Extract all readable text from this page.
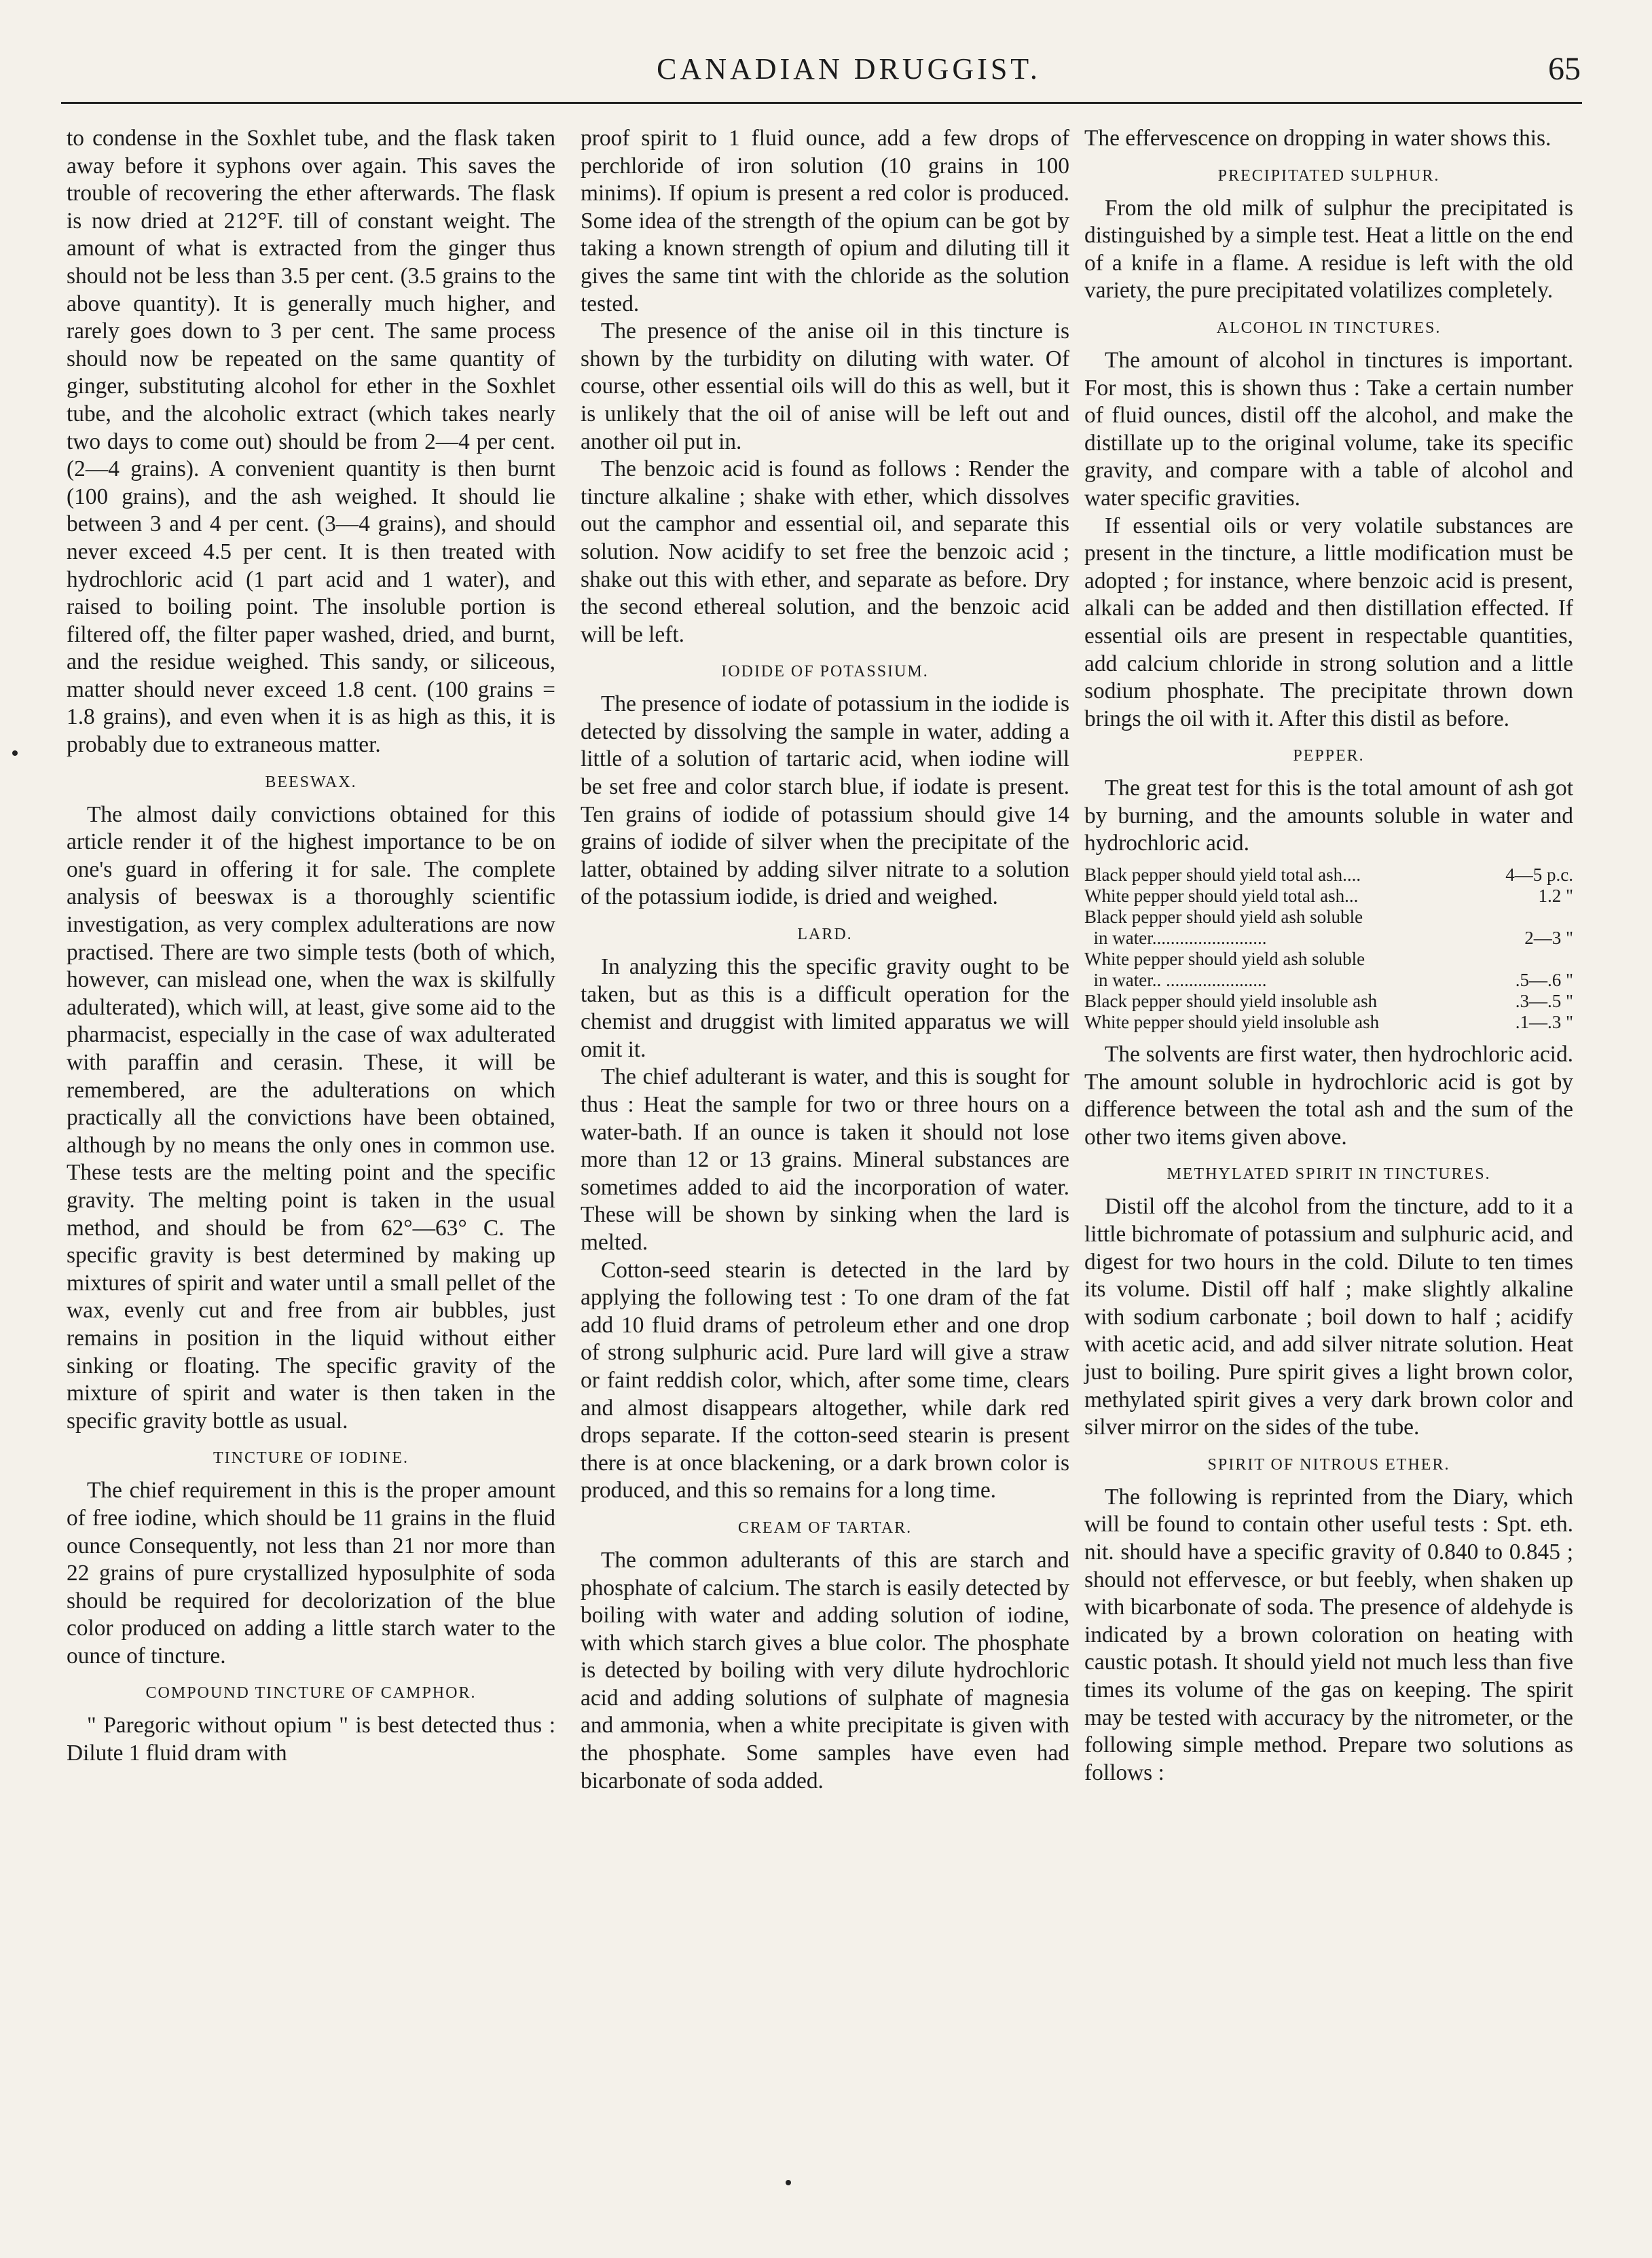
CANADIAN DRUGGIST.	65

to condense in the Soxhlet tube, and the flask taken away before it syphons over again. This saves the trouble of recovering the ether afterwards. The flask is now dried at 212°F. till of constant weight. The amount of what is extracted from the ginger thus should not be less than 3.5 per cent. (3.5 grains to the above quantity). It is generally much higher, and rarely goes down to 3 per cent. The same process should now be repeated on the same quantity of ginger, substituting alcohol for ether in the Soxhlet tube, and the alcoholic extract (which takes nearly two days to come out) should be from 2—4 per cent. (2—4 grains). A convenient quantity is then burnt (100 grains), and the ash weighed. It should lie between 3 and 4 per cent. (3—4 grains), and should never exceed 4.5 per cent. It is then treated with hydrochloric acid (1 part acid and 1 water), and raised to boiling point. The insoluble portion is filtered off, the filter paper washed, dried, and burnt, and the residue weighed. This sandy, or siliceous, matter should never exceed 1.8 cent. (100 grains = 1.8 grains), and even when it is as high as this, it is probably due to extraneous matter.

BEESWAX.

The almost daily convictions obtained for this article render it of the highest importance to be on one's guard in offering it for sale. The complete analysis of beeswax is a thoroughly scientific investigation, as very complex adulterations are now practised. There are two simple tests (both of which, however, can mislead one, when the wax is skilfully adulterated), which will, at least, give some aid to the pharmacist, especially in the case of wax adulterated with paraffin and cerasin. These, it will be remembered, are the adulterations on which practically all the convictions have been obtained, although by no means the only ones in common use. These tests are the melting point and the specific gravity. The melting point is taken in the usual method, and should be from 62°—63° C. The specific gravity is best determined by making up mixtures of spirit and water until a small pellet of the wax, evenly cut and free from air bubbles, just remains in position in the liquid without either sinking or floating. The specific gravity of the mixture of spirit and water is then taken in the specific gravity bottle as usual.

TINCTURE OF IODINE.

The chief requirement in this is the proper amount of free iodine, which should be 11 grains in the fluid ounce Consequently, not less than 21 nor more than 22 grains of pure crystallized hyposulphite of soda should be required for decolorization of the blue color produced on adding a little starch water to the ounce of tincture.

COMPOUND TINCTURE OF CAMPHOR.

" Paregoric without opium " is best detected thus : Dilute 1 fluid dram with

proof spirit to 1 fluid ounce, add a few drops of perchloride of iron solution (10 grains in 100 minims). If opium is present a red color is produced. Some idea of the strength of the opium can be got by taking a known strength of opium and diluting till it gives the same tint with the chloride as the solution tested.

The presence of the anise oil in this tincture is shown by the turbidity on diluting with water. Of course, other essential oils will do this as well, but it is unlikely that the oil of anise will be left out and another oil put in.

The benzoic acid is found as follows : Render the tincture alkaline ; shake with ether, which dissolves out the camphor and essential oil, and separate this solution. Now acidify to set free the benzoic acid ; shake out this with ether, and separate as before. Dry the second ethereal solution, and the benzoic acid will be left.

IODIDE OF POTASSIUM.

The presence of iodate of potassium in the iodide is detected by dissolving the sample in water, adding a little of a solution of tartaric acid, when iodine will be set free and color starch blue, if iodate is present. Ten grains of iodide of potassium should give 14 grains of iodide of silver when the precipitate of the latter, obtained by adding silver nitrate to a solution of the potassium iodide, is dried and weighed.

LARD.

In analyzing this the specific gravity ought to be taken, but as this is a difficult operation for the chemist and druggist with limited apparatus we will omit it.

The chief adulterant is water, and this is sought for thus : Heat the sample for two or three hours on a water-bath. If an ounce is taken it should not lose more than 12 or 13 grains. Mineral substances are sometimes added to aid the incorporation of water. These will be shown by sinking when the lard is melted.

Cotton-seed stearin is detected in the lard by applying the following test : To one dram of the fat add 10 fluid drams of petroleum ether and one drop of strong sulphuric acid. Pure lard will give a straw or faint reddish color, which, after some time, clears and almost disappears altogether, while dark red drops separate. If the cotton-seed stearin is present there is at once blackening, or a dark brown color is produced, and this so remains for a long time.

CREAM OF TARTAR.

The common adulterants of this are starch and phosphate of calcium. The starch is easily detected by boiling with water and adding solution of iodine, with which starch gives a blue color. The phosphate is detected by boiling with very dilute hydrochloric acid and adding solutions of sulphate of magnesia and ammonia, when a white precipitate is given with the phosphate. Some samples have even had bicarbonate of soda added.

The effervescence on dropping in water shows this.

PRECIPITATED SULPHUR.

From the old milk of sulphur the precipitated is distinguished by a simple test. Heat a little on the end of a knife in a flame. A residue is left with the old variety, the pure precipitated volatilizes completely.

ALCOHOL IN TINCTURES.

The amount of alcohol in tinctures is important. For most, this is shown thus : Take a certain number of fluid ounces, distil off the alcohol, and make the distillate up to the original volume, take its specific gravity, and compare with a table of alcohol and water specific gravities.

If essential oils or very volatile substances are present in the tincture, a little modification must be adopted ; for instance, where benzoic acid is present, alkali can be added and then distillation effected. If essential oils are present in respectable quantities, add calcium chloride in strong solution and a little sodium phosphate. The precipitate thrown down brings the oil with it. After this distil as before.

PEPPER.

The great test for this is the total amount of ash got by burning, and the amounts soluble in water and hydrochloric acid.

Black pepper should yield total ash....	4—5 p.c.

White pepper should yield total ash...	1.2 "

Black pepper should yield ash soluble

in water.........................	2—3 "

White pepper should yield ash soluble

in water.. ......................	.5—.6 "

Black pepper should yield insoluble ash	.3—.5 "

White pepper should yield insoluble ash	.1—.3 "

The solvents are first water, then hydrochloric acid. The amount soluble in hydrochloric acid is got by difference between the total ash and the sum of the other two items given above.

METHYLATED SPIRIT IN TINCTURES.

Distil off the alcohol from the tincture, add to it a little bichromate of potassium and sulphuric acid, and digest for two hours in the cold. Dilute to ten times its volume. Distil off half ; make slightly alkaline with sodium carbonate ; boil down to half ; acidify with acetic acid, and add silver nitrate solution. Heat just to boiling. Pure spirit gives a light brown color, methylated spirit gives a very dark brown color and silver mirror on the sides of the tube.

SPIRIT OF NITROUS ETHER.

The following is reprinted from the Diary, which will be found to contain other useful tests : Spt. eth. nit. should have a specific gravity of 0.840 to 0.845 ; should not effervesce, or but feebly, when shaken up with bicarbonate of soda. The presence of aldehyde is indicated by a brown coloration on heating with caustic potash. It should yield not much less than five times its volume of the gas on keeping. The spirit may be tested with accuracy by the nitrometer, or the following simple method. Prepare two solutions as follows :
